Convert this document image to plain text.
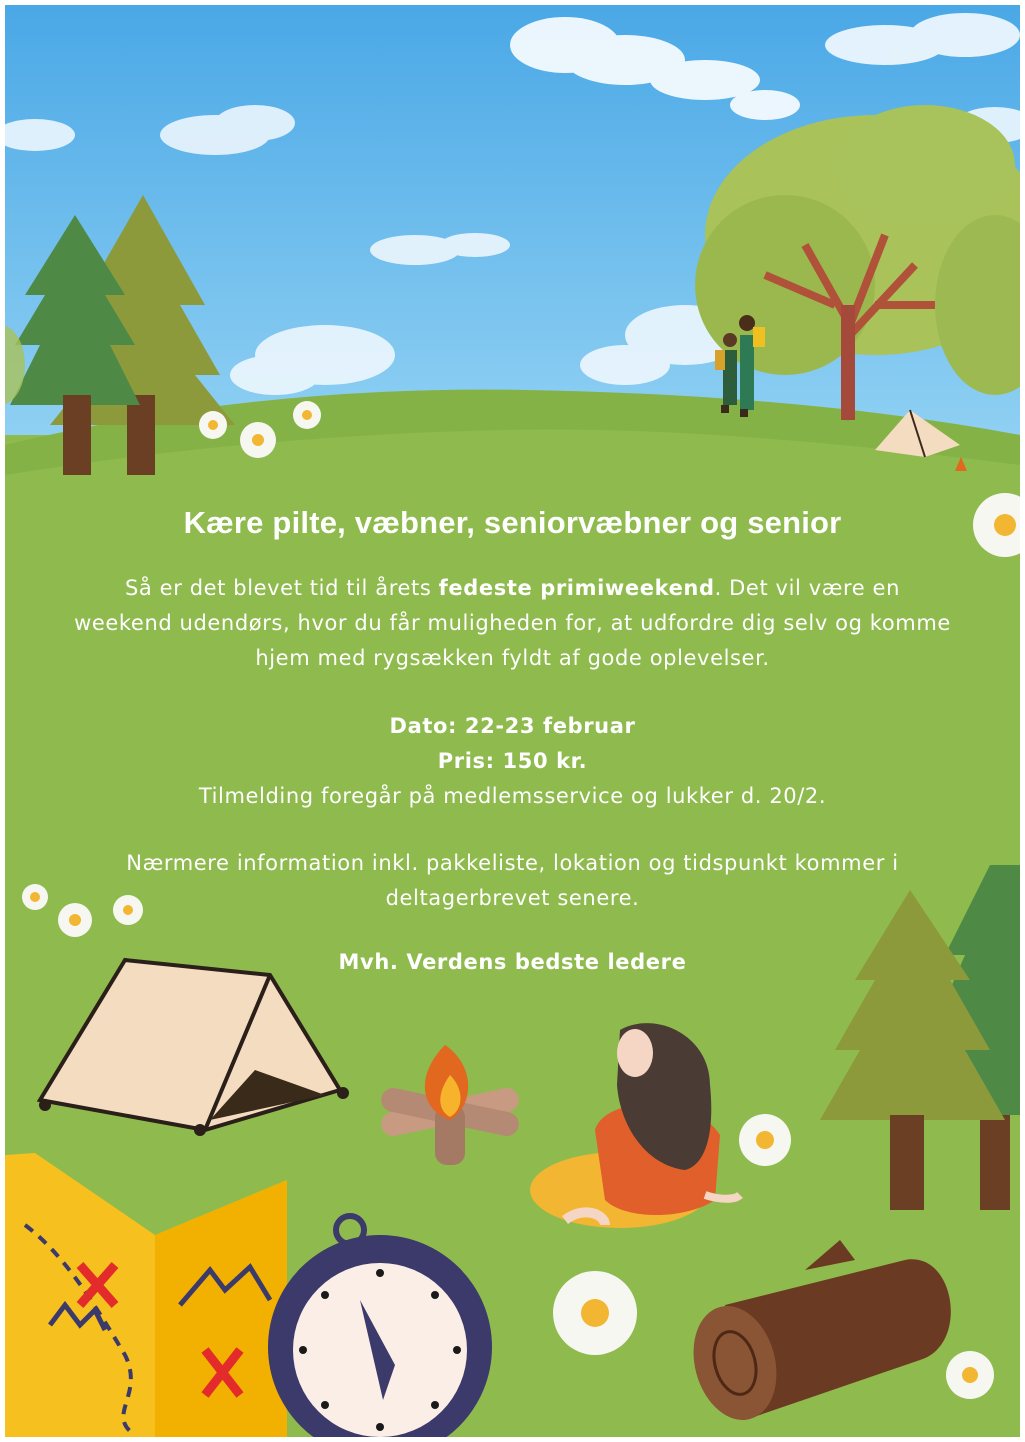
Kære pilte, væbner, seniorvæbner og senior

Så er det blevet tid til årets fedeste primiweekend. Det vil være en weekend udendørs, hvor du får muligheden for, at udfordre dig selv og komme hjem med rygsækken fyldt af gode oplevelser.

Dato: 22-23 februar
Pris: 150 kr.
Tilmelding foregår på medlemsservice og lukker d. 20/2.

Nærmere information inkl. pakkeliste, lokation og tidspunkt kommer i deltagerbrevet senere.

Mvh. Verdens bedste ledere
